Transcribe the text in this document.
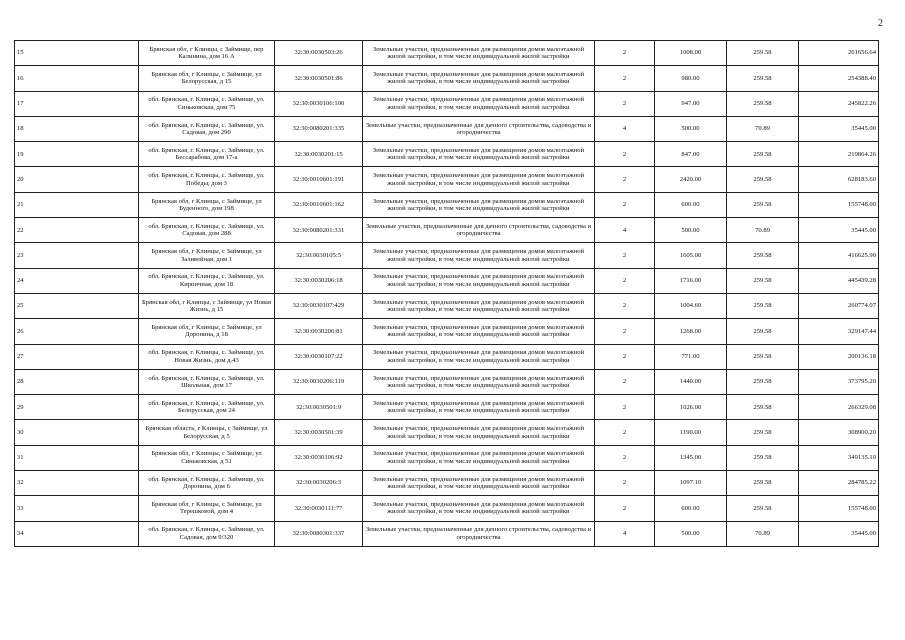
2
15	Брянская обл, г Клинцы, с Займище, пер Калинина, дом 16 А	32:30:0030503:26	Земельные участки, предназначенные для размещения домов малоэтажной жилой застройки, в том числе индивидуальной жилой застройки	2	1008.00	259.58	261656.64
16	Брянская обл, г Клинцы, с Займище, ул Белорусская, д 15	32:30:0030501:86	Земельные участки, предназначенные для размещения домов малоэтажной жилой застройки, в том числе индивидуальной жилой застройки	2	980.00	259.58	254388.40
17	обл. Брянская, г. Клинцы, с. Займище, ул. Синьковская, дом 75	32:30:0030106:100	Земельные участки, предназначенные для размещения домов малоэтажной жилой застройки, в том числе индивидуальной жилой застройки	2	947.00	259.58	245822.26
18	обл. Брянская, г. Клинцы, с. Займище, ул. Садовая, дом 290	32:30:0080201:335	Земельные участки, предназначенные для дачного строительства, садоводства и огородничества	4	500.00	70.89	35445.00
19	обл. Брянская, г. Клинцы, с. Займище, ул. Бессарабова, дом 17-а	32:30:0030201:15	Земельные участки, предназначенные для размещения домов малоэтажной жилой застройки, в том числе индивидуальной жилой застройки	2	847.00	259.58	219864.26
20	обл. Брянская, г. Клинцы, с. Займище, ул. Победы, дом 3	32:30:0010601:191	Земельные участки, предназначенные для размещения домов малоэтажной жилой застройки, в том числе индивидуальной жилой застройки	2	2420.00	259.58	628183.60
21	Брянская обл, г Клинцы, с Займище, ул Буденного, дом 198	32:30:0010601:162	Земельные участки, предназначенные для размещения домов малоэтажной жилой застройки, в том числе индивидуальной жилой застройки	2	600.00	259.58	155748.00
22	обл. Брянская, г. Клинцы, с. Займище, ул. Садовая, дом 288	32:30:0080201:331	Земельные участки, предназначенные для дачного строительства, садоводства и огородничества	4	500.00	70.89	35445.00
23	Брянская обл, г Клинцы, с Займище, ул Заливейная, дом 1	32:30:0030105:5	Земельные участки, предназначенные для размещения домов малоэтажной жилой застройки, в том числе индивидуальной жилой застройки	2	1605.00	259.58	416625.90
24	обл. Брянская, г. Клинцы, с. Займище, ул. Кирпичная, дом 18	32:30:0030206:18	Земельные участки, предназначенные для размещения домов малоэтажной жилой застройки, в том числе индивидуальной жилой застройки	2	1716.00	259.58	445439.28
25	Брянская обл, г Клинцы, с Займище, ул Новая Жизнь, д 15	32:30:0030107:429	Земельные участки, предназначенные для размещения домов малоэтажной жилой застройки, в том числе индивидуальной жилой застройки	2	1004.60	259.58	260774.07
26	Брянская обл, г Клинцы, с Займище, ул Доронина, д 18	32:30:0030206:81	Земельные участки, предназначенные для размещения домов малоэтажной жилой застройки, в том числе индивидуальной жилой застройки	2	1268.00	259.58	329147.44
27	обл. Брянская, г. Клинцы, с. Займище, ул. Новая Жизнь, дом д.43	32:30:0030107:22	Земельные участки, предназначенные для размещения домов малоэтажной жилой застройки, в том числе индивидуальной жилой застройки	2	771.00	259.58	200136.18
28	обл. Брянская, г. Клинцы, с. Займище, ул. Школьная, дом 17	32:30:0030206:119	Земельные участки, предназначенные для размещения домов малоэтажной жилой застройки, в том числе индивидуальной жилой застройки	2	1440.00	259.58	373795.20
29	обл. Брянская, г. Клинцы, с. Займище, ул. Белорусская, дом 24	32:30:0030501:9	Земельные участки, предназначенные для размещения домов малоэтажной жилой застройки, в том числе индивидуальной жилой застройки	2	1026.00	259.58	266329.08
30	Брянская область, г Клинцы, с Займище, ул Белорусская, д 5	32:30:0030501:39	Земельные участки, предназначенные для размещения домов малоэтажной жилой застройки, в том числе индивидуальной жилой застройки	2	1190.00	259.58	308900.20
31	Брянская обл, г Клинцы, с Займище, ул Синьковская, д 51	32:30:0030106:92	Земельные участки, предназначенные для размещения домов малоэтажной жилой застройки, в том числе индивидуальной жилой застройки	2	1345.00	259.58	349135.10
32	обл. Брянская, г. Клинцы, с. Займище, ул. Доронина, дом 6	32:30:0030206:3	Земельные участки, предназначенные для размещения домов малоэтажной жилой застройки, в том числе индивидуальной жилой застройки	2	1097.10	259.58	284785.22
33	Брянская обл, г Клинцы, с Займище, ул Терешковой, дом 4	32:30:0030111:77	Земельные участки, предназначенные для размещения домов малоэтажной жилой застройки, в том числе индивидуальной жилой застройки	2	600.00	259.58	155748.00
34	обл. Брянская, г. Клинцы, с. Займище, ул. Садовая, дом 9/320	32:30:0080301:337	Земельные участки, предназначенные для дачного строительства, садоводства и огородничества	4	500.00	70.89	35445.00
